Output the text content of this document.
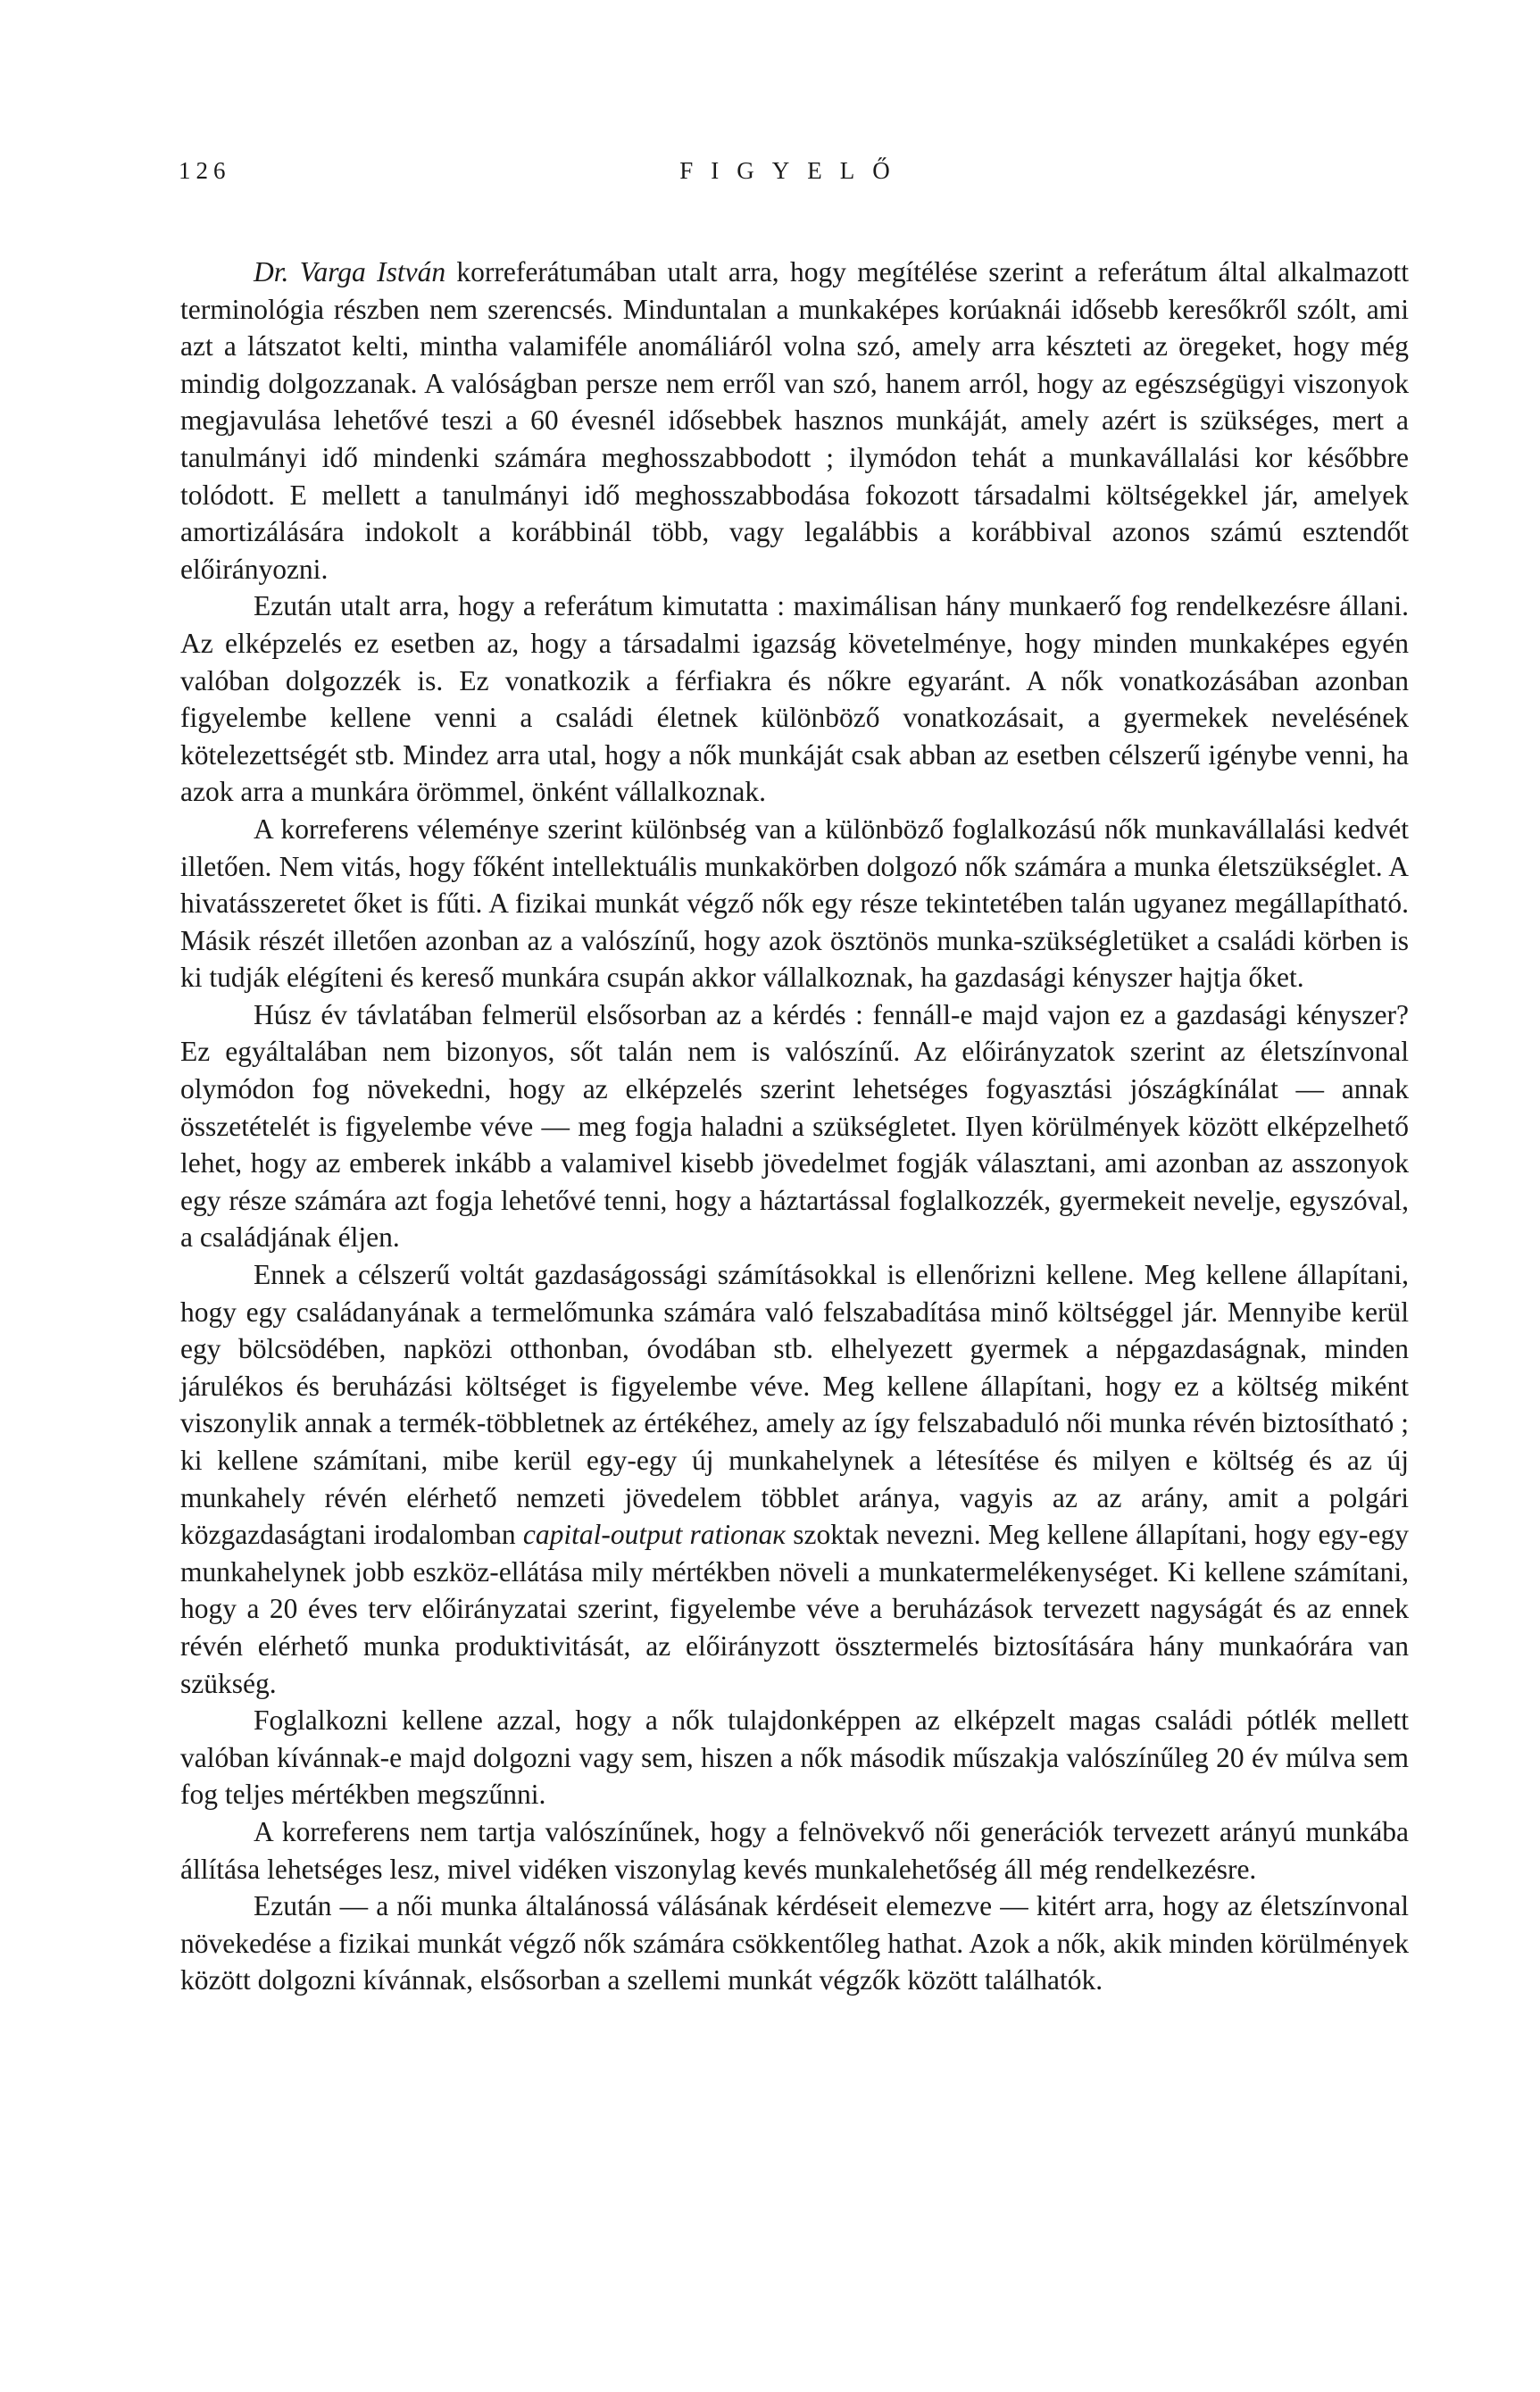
126	FIGYELŐ

Dr. Varga István korreferátumában utalt arra, hogy megítélése szerint a referátum által alkalmazott terminológia részben nem szerencsés. Minduntalan a munkaképes korúaknái idősebb keresőkről szólt, ami azt a látszatot kelti, mintha valamiféle anomáliáról volna szó, amely arra készteti az öregeket, hogy még mindig dolgozzanak. A valóságban persze nem erről van szó, hanem arról, hogy az egészségügyi viszonyok megjavulása lehetővé teszi a 60 évesnél idősebbek hasznos munkáját, amely azért is szükséges, mert a tanulmányi idő mindenki számára meghosszabbodott ; ilymódon tehát a munkavállalási kor későbbre tolódott. E mellett a tanulmányi idő meghosszabbodása fokozott társadalmi költségekkel jár, amelyek amortizálására indokolt a korábbinál több, vagy legalábbis a korábbival azonos számú esztendőt előirányozni.

Ezután utalt arra, hogy a referátum kimutatta : maximálisan hány munkaerő fog rendelkezésre állani. Az elképzelés ez esetben az, hogy a társadalmi igazság követelménye, hogy minden munkaképes egyén valóban dolgozzék is. Ez vonatkozik a férfiakra és nőkre egyaránt. A nők vonatkozásában azonban figyelembe kellene venni a családi életnek különböző vonatkozásait, a gyermekek nevelésének kötelezettségét stb. Mindez arra utal, hogy a nők munkáját csak abban az esetben célszerű igénybe venni, ha azok arra a munkára örömmel, önként vállalkoznak.

A korreferens véleménye szerint különbség van a különböző foglalkozású nők munkavállalási kedvét illetően. Nem vitás, hogy főként intellektuális munkakörben dolgozó nők számára a munka életszükséglet. A hivatásszeretet őket is fűti. A fizikai munkát végző nők egy része tekintetében talán ugyanez megállapítható. Másik részét illetően azonban az a valószínű, hogy azok ösztönös munka-szükségletüket a családi körben is ki tudják elégíteni és kereső munkára csupán akkor vállalkoznak, ha gazdasági kényszer hajtja őket.

Húsz év távlatában felmerül elsősorban az a kérdés : fennáll-e majd vajon ez a gazdasági kényszer? Ez egyáltalában nem bizonyos, sőt talán nem is valószínű. Az előirányzatok szerint az életszínvonal olymódon fog növekedni, hogy az elképzelés szerint lehetséges fogyasztási jószágkínálat — annak összetételét is figyelembe véve — meg fogja haladni a szükségletet. Ilyen körülmények között elképzelhető lehet, hogy az emberek inkább a valamivel kisebb jövedelmet fogják választani, ami azonban az asszonyok egy része számára azt fogja lehetővé tenni, hogy a háztartással foglalkozzék, gyermekeit nevelje, egyszóval, a családjának éljen.

Ennek a célszerű voltát gazdaságossági számításokkal is ellenőrizni kellene. Meg kellene állapítani, hogy egy családanyának a termelőmunka számára való felszabadítása minő költséggel jár. Mennyibe kerül egy bölcsödében, napközi otthonban, óvodában stb. elhelyezett gyermek a népgazdaságnak, minden járulékos és beruházási költséget is figyelembe véve. Meg kellene állapítani, hogy ez a költség miként viszonylik annak a termék-többletnek az értékéhez, amely az így felszabaduló női munka révén biztosítható ; ki kellene számítani, mibe kerül egy-egy új munkahelynek a létesítése és milyen e költség és az új munkahely révén elérhető nemzeti jövedelem többlet aránya, vagyis az az arány, amit a polgári közgazdaságtani irodalomban capital-output rationак szoktak nevezni. Meg kellene állapítani, hogy egy-egy munkahelynek jobb eszköz-ellátása mily mértékben növeli a munkatermelékenységet. Ki kellene számítani, hogy a 20 éves terv előirányzatai szerint, figyelembe véve a beruházások tervezett nagyságát és az ennek révén elérhető munka produktivitását, az előirányzott össztermelés biztosítására hány munkaórára van szükség.

Foglalkozni kellene azzal, hogy a nők tulajdonképpen az elképzelt magas családi pótlék mellett valóban kívánnak-e majd dolgozni vagy sem, hiszen a nők második műszakja valószínűleg 20 év múlva sem fog teljes mértékben megszűnni.

A korreferens nem tartja valószínűnek, hogy a felnövekvő női generációk tervezett arányú munkába állítása lehetséges lesz, mivel vidéken viszonylag kevés munkalehetőség áll még rendelkezésre.

Ezután — a női munka általánossá válásának kérdéseit elemezve — kitért arra, hogy az életszínvonal növekedése a fizikai munkát végző nők számára csökkentőleg hathat. Azok a nők, akik minden körülmények között dolgozni kívánnak, elsősorban a szellemi munkát végzők között találhatók.
